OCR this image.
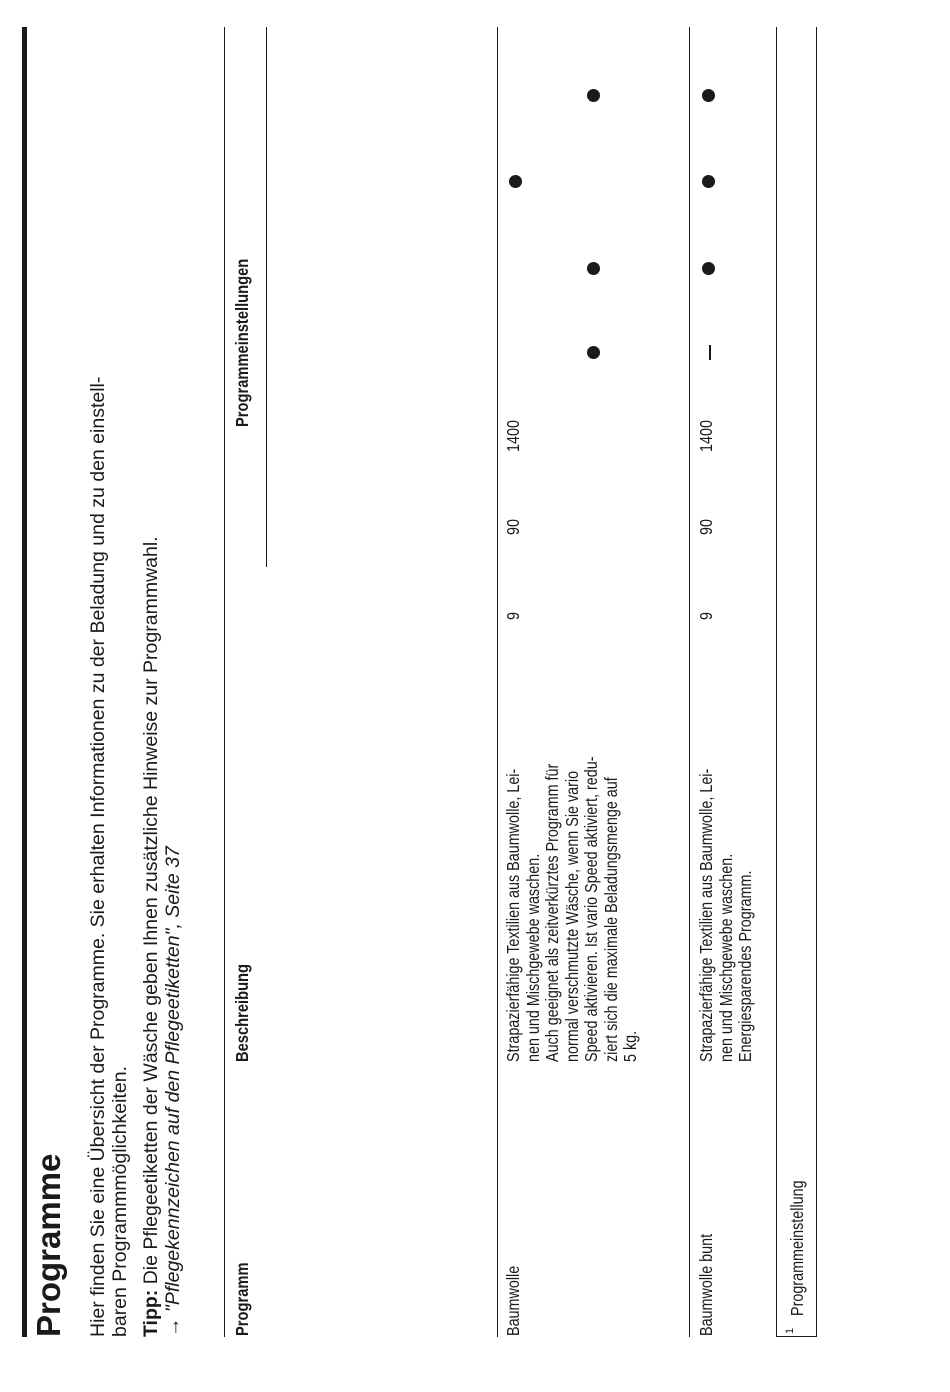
Programme Hier finden Sie eine Übersicht der Programme. Sie erhalten Informationen zu der Beladung und zu den einstell- baren Programmmöglichkeiten. Tipp: Die Pflegeetiketten der Wäsche geben Ihnen zusätzliche Hinweise zur Programmwahl.
→ "Pflegekennzeichen auf den Pflegeetiketten", Seite 37
Programm
Beschreibung
Programmeinstellungen
Baumwolle
Strapazierfähige Textilien aus Baumwolle, Lei- nen und Mischgewebe waschen. Auch geeignet als zeitverkürztes Programm für normal verschmutzte Wäsche, wenn Sie vario Speed aktivieren. Ist vario Speed aktiviert, redu- ziert sich die maximale Beladungsmenge auf 5 kg.
9
90
1400
Baumwolle bunt
Strapazierfähige Textilien aus Baumwolle, Lei- nen und Mischgewebe waschen. Energiesparendes Programm.
9
90
1400
1
Programmeinstellung
